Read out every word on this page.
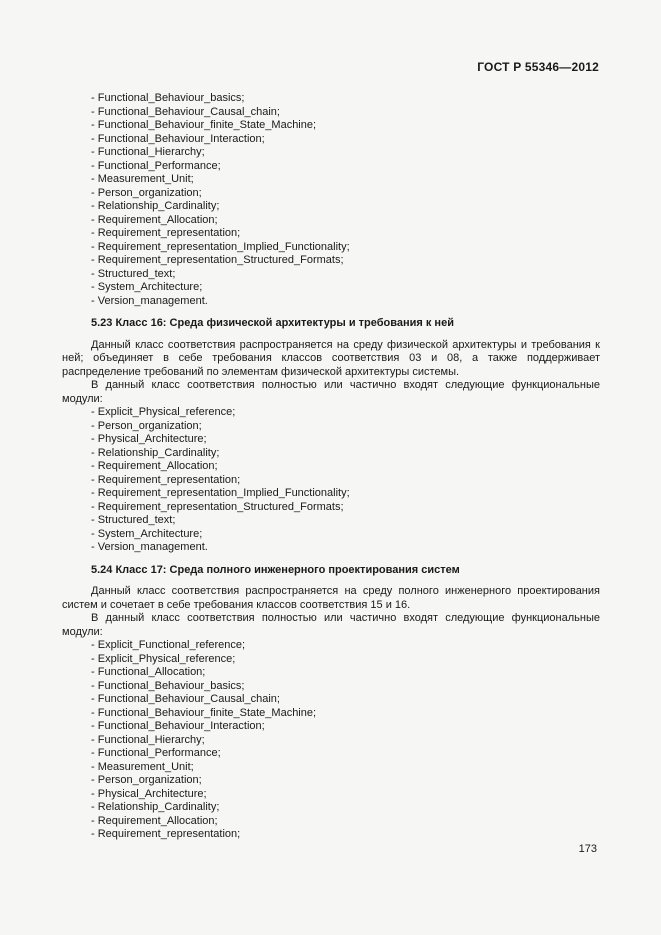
ГОСТ Р 55346—2012
- Functional_Behaviour_basics;
- Functional_Behaviour_Causal_chain;
- Functional_Behaviour_finite_State_Machine;
- Functional_Behaviour_Interaction;
- Functional_Hierarchy;
- Functional_Performance;
- Measurement_Unit;
- Person_organization;
- Relationship_Cardinality;
- Requirement_Allocation;
- Requirement_representation;
- Requirement_representation_Implied_Functionality;
- Requirement_representation_Structured_Formats;
- Structured_text;
- System_Architecture;
- Version_management.
5.23 Класс 16: Среда физической архитектуры и требования к ней
Данный класс соответствия распространяется на среду физической архитектуры и требования к ней; объединяет в себе требования классов соответствия 03 и 08, а также поддерживает распределение требований по элементам физической архитектуры системы.
В данный класс соответствия полностью или частично входят следующие функциональные модули:
- Explicit_Physical_reference;
- Person_organization;
- Physical_Architecture;
- Relationship_Cardinality;
- Requirement_Allocation;
- Requirement_representation;
- Requirement_representation_Implied_Functionality;
- Requirement_representation_Structured_Formats;
- Structured_text;
- System_Architecture;
- Version_management.
5.24 Класс 17: Среда полного инженерного проектирования систем
Данный класс соответствия распространяется на среду полного инженерного проектирования систем и сочетает в себе требования классов соответствия 15 и 16.
В данный класс соответствия полностью или частично входят следующие функциональные модули:
- Explicit_Functional_reference;
- Explicit_Physical_reference;
- Functional_Allocation;
- Functional_Behaviour_basics;
- Functional_Behaviour_Causal_chain;
- Functional_Behaviour_finite_State_Machine;
- Functional_Behaviour_Interaction;
- Functional_Hierarchy;
- Functional_Performance;
- Measurement_Unit;
- Person_organization;
- Physical_Architecture;
- Relationship_Cardinality;
- Requirement_Allocation;
- Requirement_representation;
173
